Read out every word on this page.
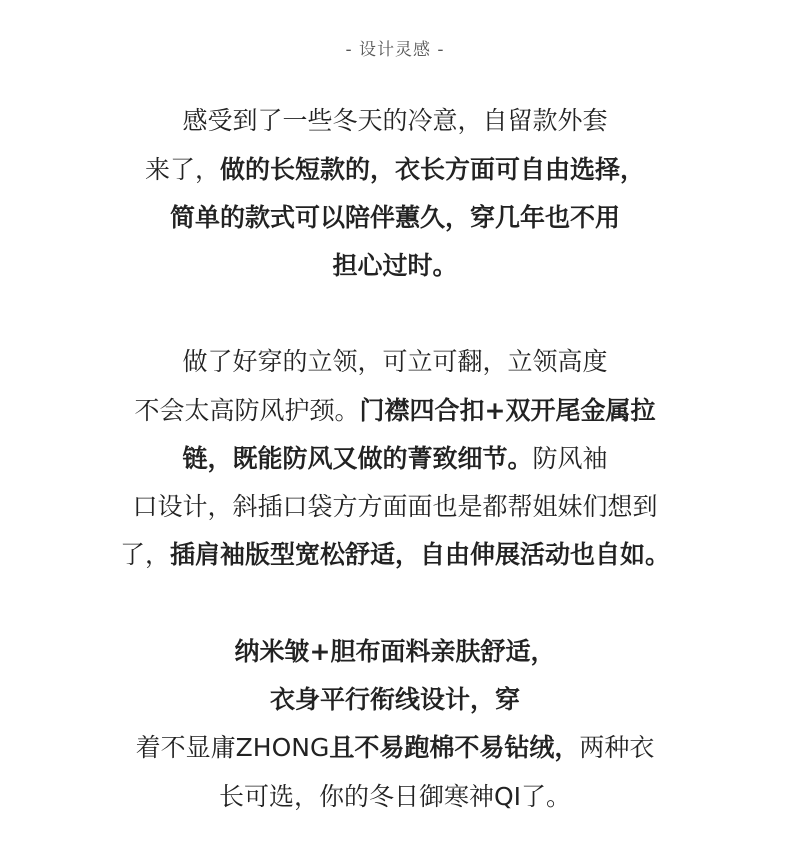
- 设计灵感 -
感受到了一些冬天的冷意，自留款外套
来了，做的长短款的，衣长方面可自由选择，
简单的款式可以陪伴蕙久，穿几年也不用
担心过时。
做了好穿的立领，可立可翻，立领高度
不会太高防风护颈。门襟四合扣+双开尾金属拉
链，既能防风又做的菁致细节。防风袖
口设计，斜插口袋方方面面也是都帮姐妹们想到
了，插肩袖版型宽松舒适，自由伸展活动也自如。
纳米皱+胆布面料亲肤舒适，
衣身平行衔线设计，穿
着不显庸ZHONG且不易跑棉不易钻绒，两种衣
长可选，你的冬日御寒神QI了。
